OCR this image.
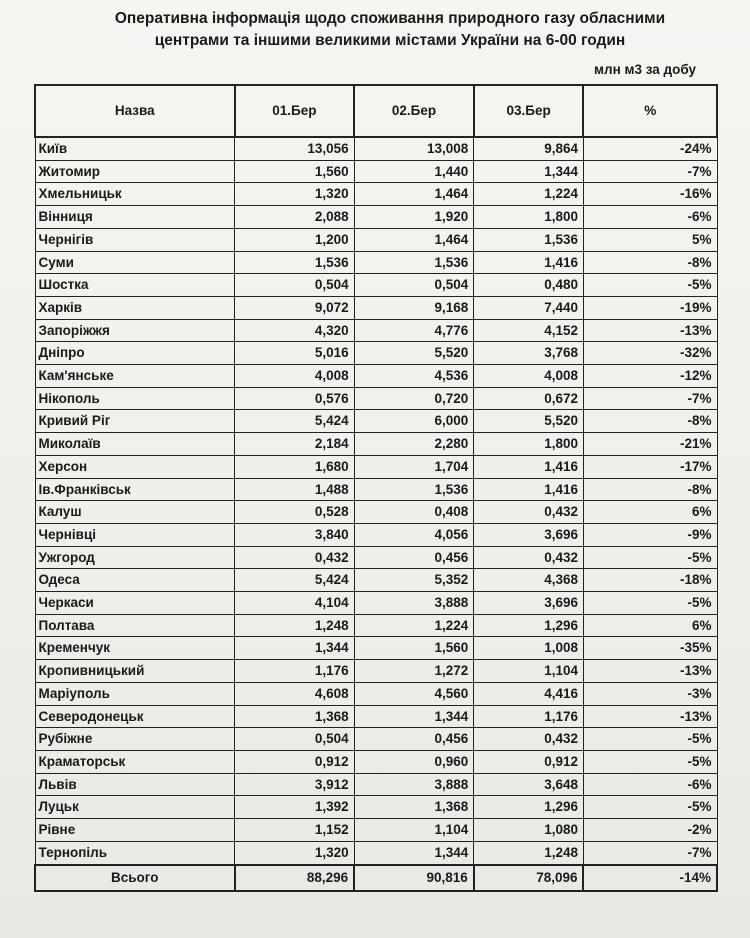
Оперативна інформація щодо споживання природного газу обласними
центрами та іншими великими містами України на 6-00 годин
млн м3 за добу
Назва	01.Бер	02.Бер	03.Бер	%
Київ	13,056	13,008	9,864	-24%
Житомир	1,560	1,440	1,344	-7%
Хмельницьк	1,320	1,464	1,224	-16%
Вінниця	2,088	1,920	1,800	-6%
Чернігів	1,200	1,464	1,536	5%
Суми	1,536	1,536	1,416	-8%
Шостка	0,504	0,504	0,480	-5%
Харків	9,072	9,168	7,440	-19%
Запоріжжя	4,320	4,776	4,152	-13%
Дніпро	5,016	5,520	3,768	-32%
Кам'янське	4,008	4,536	4,008	-12%
Нікополь	0,576	0,720	0,672	-7%
Кривий Ріг	5,424	6,000	5,520	-8%
Миколаїв	2,184	2,280	1,800	-21%
Херсон	1,680	1,704	1,416	-17%
Ів.Франківськ	1,488	1,536	1,416	-8%
Калуш	0,528	0,408	0,432	6%
Чернівці	3,840	4,056	3,696	-9%
Ужгород	0,432	0,456	0,432	-5%
Одеса	5,424	5,352	4,368	-18%
Черкаси	4,104	3,888	3,696	-5%
Полтава	1,248	1,224	1,296	6%
Кременчук	1,344	1,560	1,008	-35%
Кропивницький	1,176	1,272	1,104	-13%
Маріуполь	4,608	4,560	4,416	-3%
Северодонецьк	1,368	1,344	1,176	-13%
Рубіжне	0,504	0,456	0,432	-5%
Краматорськ	0,912	0,960	0,912	-5%
Львів	3,912	3,888	3,648	-6%
Луцьк	1,392	1,368	1,296	-5%
Рівне	1,152	1,104	1,080	-2%
Тернопіль	1,320	1,344	1,248	-7%
Всього	88,296	90,816	78,096	-14%
